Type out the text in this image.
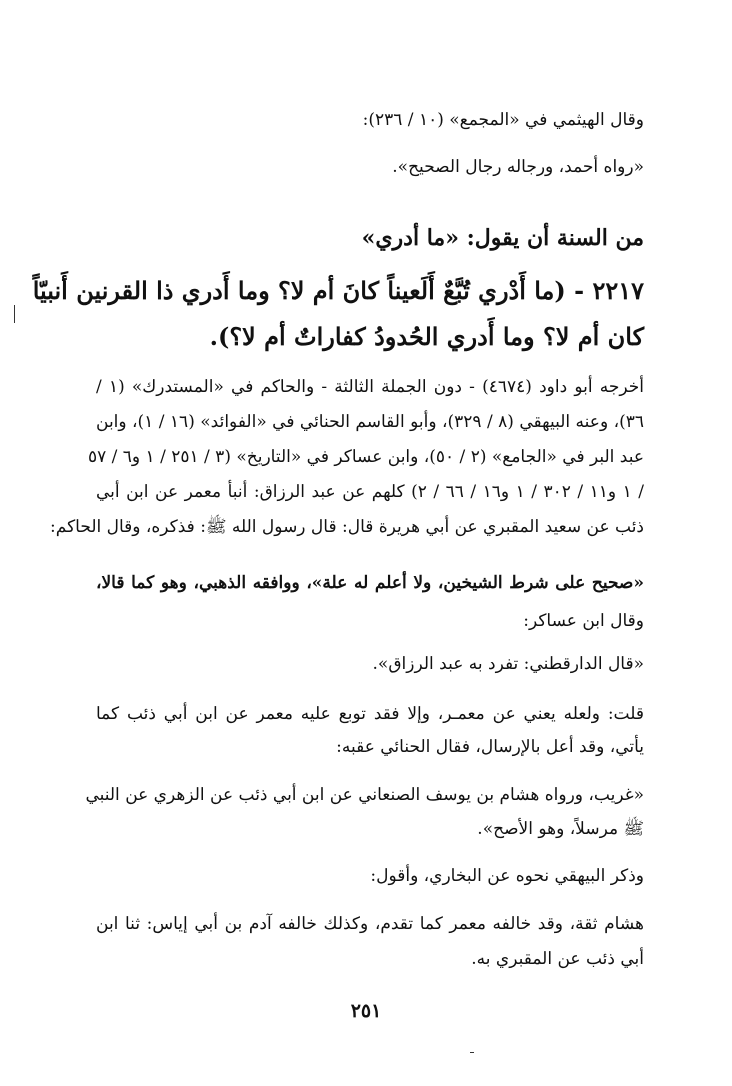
وقال الهيثمي في «المجمع» (١٠ / ٢٣٦):
«رواه أحمد، ورجاله رجال الصحيح».
من السنة أن يقول: «ما أدري»
٢٢١٧ - (ما أَدْري تُبَّعٌ أَلَعيناً كانَ أم لا؟ وما أَدري ذا القرنين أَنبيّاً
كان أم لا؟ وما أَدري الحُدودُ كفاراتٌ أم لا؟).
أخرجه أبو داود (٤٦٧٤) - دون الجملة الثالثة - والحاكم في «المستدرك» (١ /
٣٦)، وعنه البيهقي (٨ / ٣٢٩)، وأبو القاسم الحنائي في «الفوائد» (١٦ / ١)، وابن
عبد البر في «الجامع» (٢ / ٥٠)، وابن عساكر في «التاريخ» (٣ / ٢٥١ / ١ و٦ / ٥٧
/ ١ و١١ / ٣٠٢ / ١ و١٦ / ٦٦ / ٢) كلهم عن عبد الرزاق: أنبأ معمر عن ابن أبي
ذئب عن سعيد المقبري عن أبي هريرة قال: قال رسول الله ﷺ: فذكره، وقال الحاكم:
«صحيح على شرط الشيخين، ولا أعلم له علة»، ووافقه الذهبي، وهو كما قالا،
وقال ابن عساكر:
«قال الدارقطني: تفرد به عبد الرزاق».
قلت: ولعله يعني عن معمـر، وإلا فقد توبع عليه معمر عن ابن أبي ذئب كما
يأتي، وقد أعل بالإرسال، فقال الحنائي عقبه:
«غريب، ورواه هشام بن يوسف الصنعاني عن ابن أبي ذئب عن الزهري عن النبي
ﷺ مرسلاً، وهو الأصح».
وذكر البيهقي نحوه عن البخاري، وأقول:
هشام ثقة، وقد خالفه معمر كما تقدم، وكذلك خالفه آدم بن أبي إياس: ثنا ابن
أبي ذئب عن المقبري به.
٢٥١
